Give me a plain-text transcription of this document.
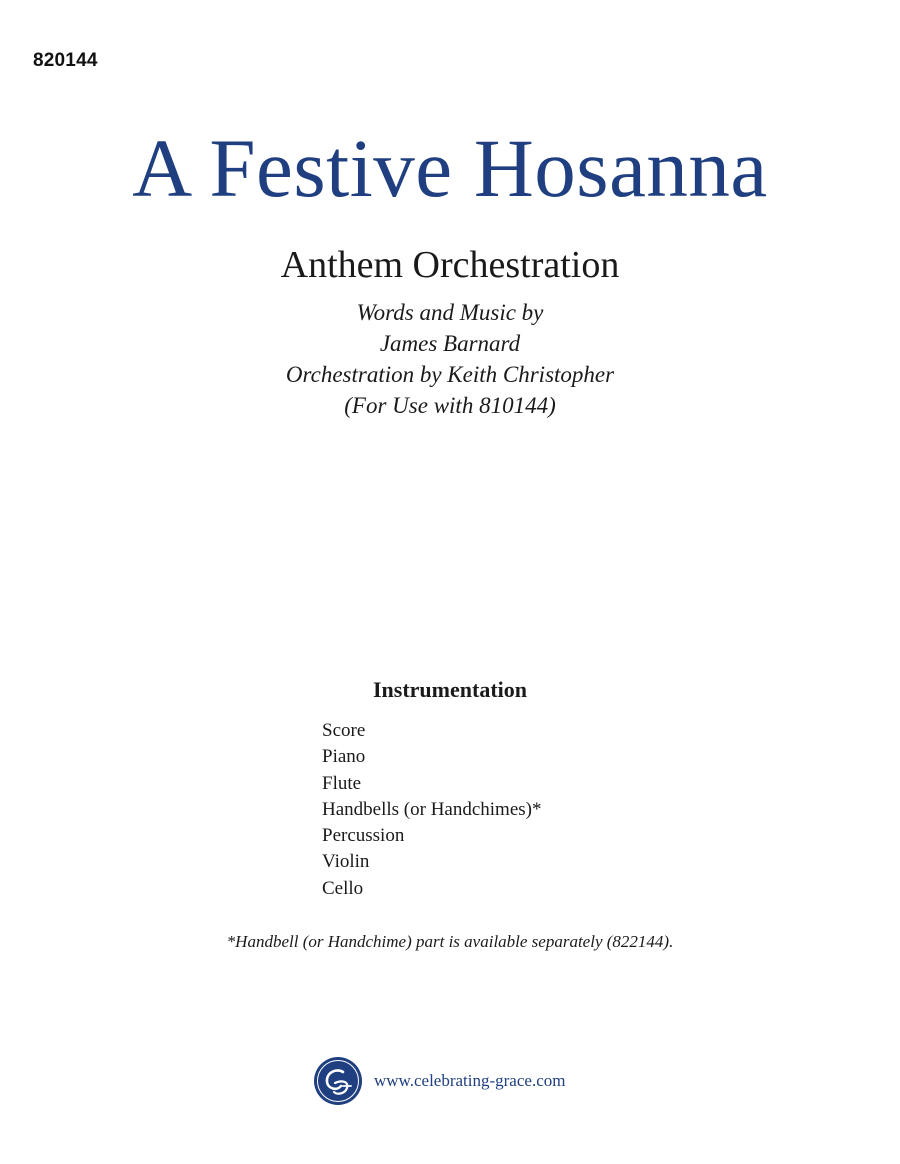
820144
A Festive Hosanna
Anthem Orchestration
Words and Music by
James Barnard
Orchestration by Keith Christopher
(For Use with 810144)
Instrumentation
Score
Piano
Flute
Handbells (or Handchimes)*
Percussion
Violin
Cello
*Handbell (or Handchime) part is available separately (822144).
www.celebrating-grace.com
